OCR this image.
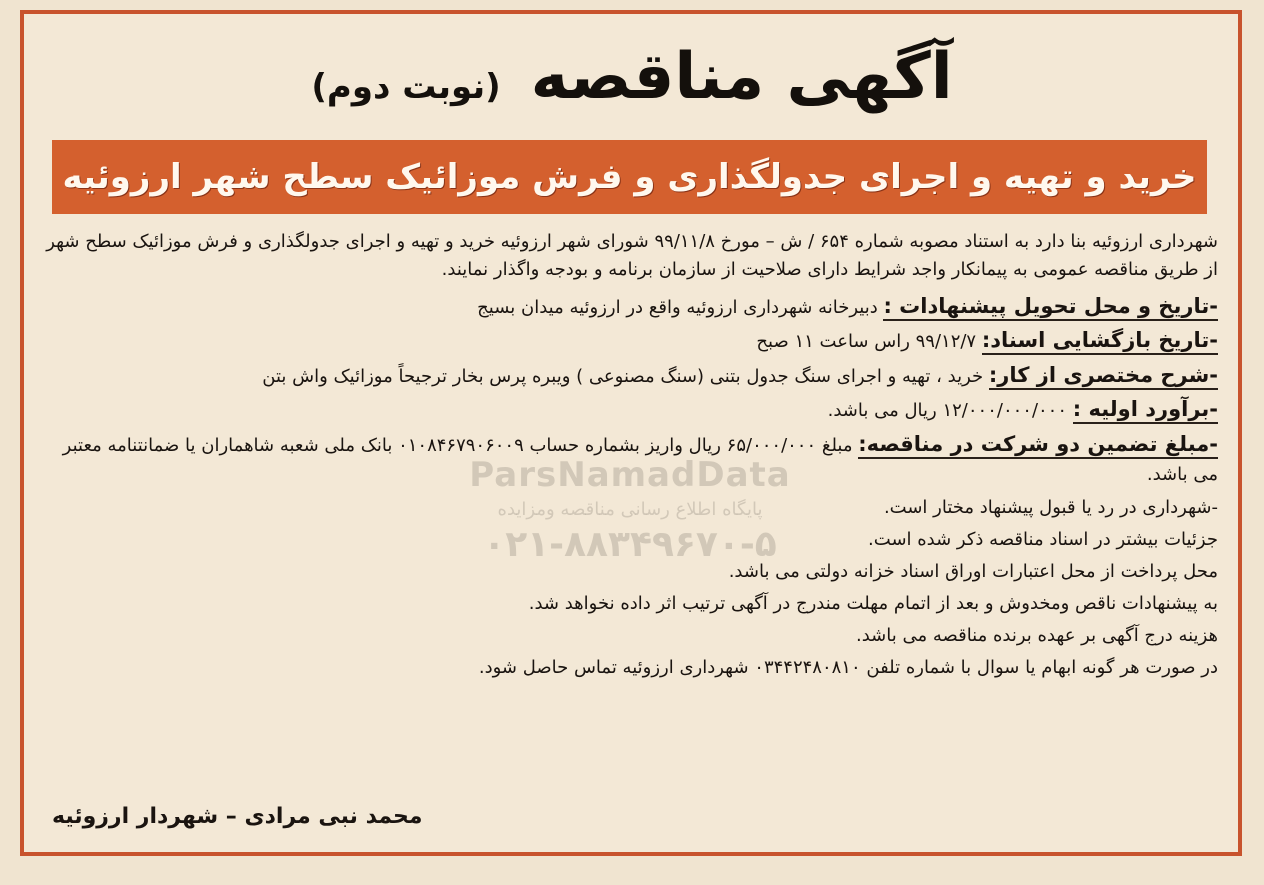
آگهی مناقصه
(نوبت دوم)
خرید و تهیه و اجرای جدولگذاری و فرش موزائیک سطح شهر ارزوئیه
ParsNamadData
پایگاه اطلاع رسانی مناقصه ومزایده
۰۲۱-۸۸۳۴۹۶۷۰-۵

شهرداری ارزوئیه بنا دارد به استناد مصوبه شماره ۶۵۴ / ش – مورخ ۹۹/۱۱/۸ شورای شهر ارزوئیه خرید و تهیه و اجرای جدولگذاری و فرش موزائیک سطح شهر از طریق مناقصه عمومی به پیمانکار واجد شرایط دارای صلاحیت از سازمان برنامه و بودجه واگذار نمایند.

-تاریخ و محل تحویل پیشنهادات : دبیرخانه شهرداری ارزوئیه واقع در ارزوئیه میدان بسیج

-تاریخ بازگشایی اسناد: ۹۹/۱۲/۷ راس ساعت ۱۱ صبح

-شرح مختصری از کار: خرید ، تهیه و اجرای سنگ جدول بتنی (سنگ مصنوعی ) ویبره پرس بخار ترجیحاً موزائیک واش بتن

-برآورد اولیه : ۱۲/۰۰۰/۰۰۰/۰۰۰ ریال می باشد.

-مبلغ تضمین دو شرکت در مناقصه: مبلغ ۶۵/۰۰۰/۰۰۰ ریال واریز بشماره حساب ۰۱۰۸۴۶۷۹۰۶۰۰۹ بانک ملی شعبه شاهماران یا ضمانتنامه معتبر می باشد.

-شهرداری در رد یا قبول پیشنهاد مختار است.
جزئیات بیشتر در اسناد مناقصه ذکر شده است.
محل پرداخت از محل اعتبارات اوراق اسناد خزانه دولتی می باشد.
به پیشنهادات ناقص ومخدوش و بعد از اتمام مهلت مندرج در آگهی ترتیب اثر داده نخواهد شد.
هزینه درج آگهی بر عهده برنده مناقصه می باشد.
در صورت هر گونه ابهام یا سوال با شماره تلفن ۰۳۴۴۲۴۸۰۸۱۰ شهرداری ارزوئیه تماس حاصل شود.
محمد نبی مرادی – شهردار ارزوئیه
